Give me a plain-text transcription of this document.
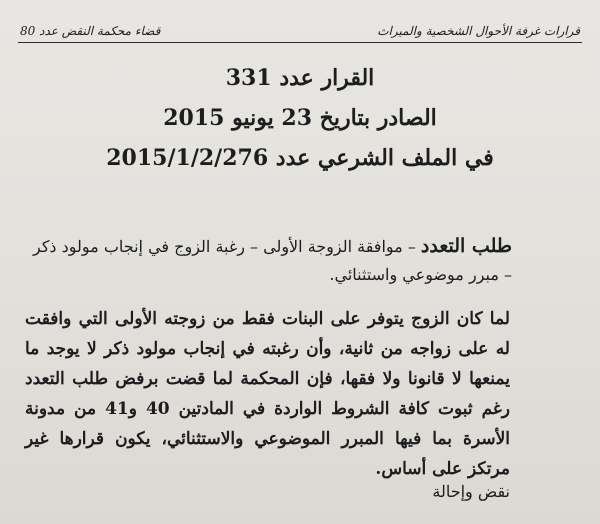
قرارات غرفة الأحوال الشخصية والميراث
قضاء محكمة النقض عدد 80
القرار عدد 331
الصادر بتاريخ 23 يونيو 2015
في الملف الشرعي عدد 2015/1/2/276
طلب التعدد – موافقة الزوجة الأولى – رغبة الزوج في إنجاب مولود ذكر – مبرر موضوعي واستثنائي.
لما كان الزوج يتوفر على البنات فقط من زوجته الأولى التي وافقت له على زواجه من ثانية، وأن رغبته في إنجاب مولود ذكر لا يوجد ما يمنعها لا قانونا ولا فقها، فإن المحكمة لما قضت برفض طلب التعدد رغم ثبوت كافة الشروط الواردة في المادتين 40 و41 من مدونة الأسرة بما فيها المبرر الموضوعي والاستثنائي، يكون قرارها غير مرتكز على أساس.
نقض وإحالة
